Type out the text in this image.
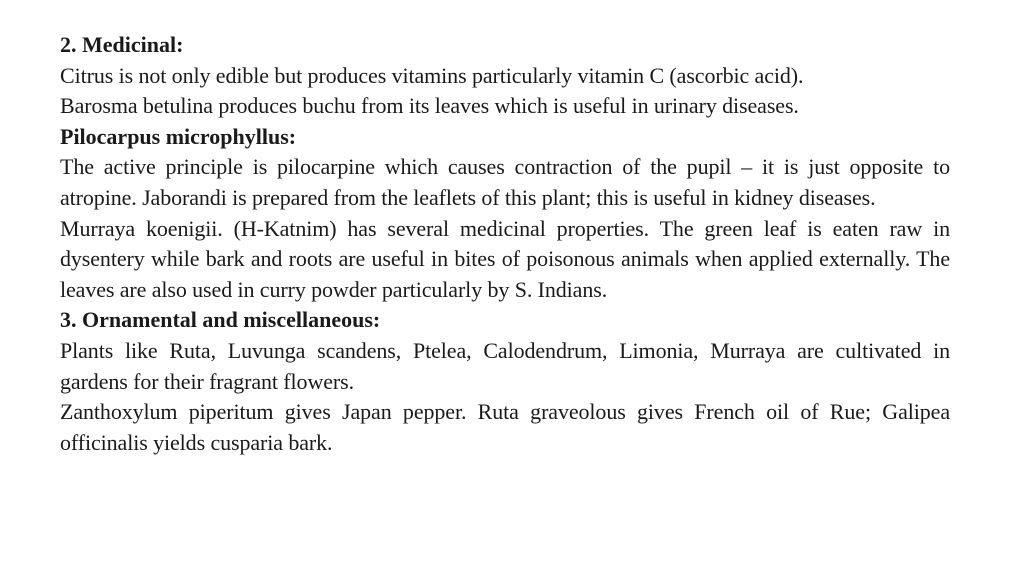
2. Medicinal:

Citrus is not only edible but produces vitamins particularly vitamin C (ascorbic acid).

Barosma betulina produces buchu from its leaves which is useful in urinary diseases.

Pilocarpus microphyllus:

The active principle is pilocarpine which causes contraction of the pupil – it is just opposite to atropine. Jaborandi is prepared from the leaflets of this plant; this is useful in kidney diseases.

Murraya koenigii. (H-Katnim) has several medicinal properties. The green leaf is eaten raw in dysentery while bark and roots are useful in bites of poisonous animals when applied externally. The leaves are also used in curry powder particularly by S. Indians.

3. Ornamental and miscellaneous:

Plants like Ruta, Luvunga scandens, Ptelea, Calodendrum, Limonia, Murraya are cultivated in gardens for their fragrant flowers.

Zanthoxylum piperitum gives Japan pepper. Ruta graveolous gives French oil of Rue; Galipea officinalis yields cusparia bark.
